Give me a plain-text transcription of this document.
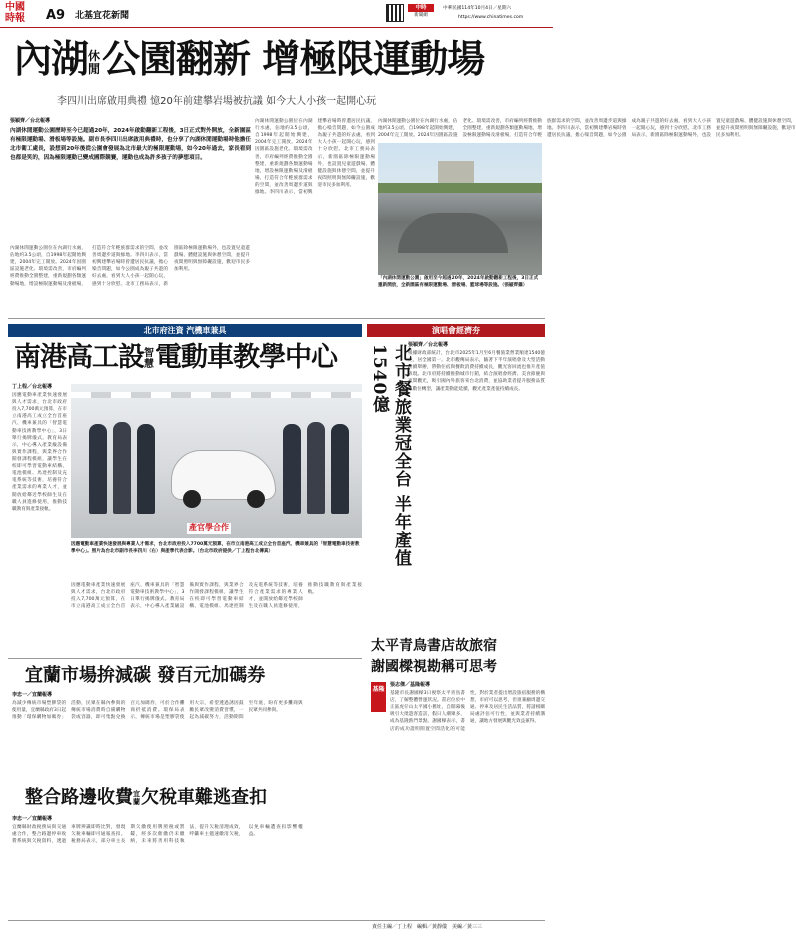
中國
時報	A9 北基宜花新聞
中時
新聞網
中華民國114年10月4日／星期六
https://www.chinatimes.com
內湖休閒公園翻新 增極限運動場
李四川出席啟用典禮 憶20年前建攀岩場被抗議 如今大人小孩一起開心玩
張穎齊／台北報導
內湖休閒運動公園歷時至今已超過20年，2024年啟動翻新工程後，3日正式對外開放，全新園區有極限運動場、滑板場等設施。副市長李四川出席啟用典禮時，也分享了內湖休閒運動場時他擔任北市衛工處長，設想到20年後從公園會發展為北市最大的極限運動場，如今20年過去，家長看到也都是笑的，因為極限運動已變成國際競賽，運動也成為許多孩子的夢想項目。
內湖休閒運動公園位在內湖行水處，佔地約3.5公頃，自1998年起開始興建，2004年完工開放。2024年因園區設施老化、環境需改善，市府編列經費推動全園整建，重新規劃各類運動場地，增設極限運動場及滑板場，打造符合年輕族群需求的空間，並改善周邊步道與綠地。李四川表示，當初興建攀岩場時曾遭居民抗議，擔心噪音問題，如今公園成為親子共遊的好去處，看到大人小孩一起開心玩，感到十分欣慰。北市工務局表示，新園區除極限運動場外，也設置兒童遊戲場、體健設施與休憩空間，並提升夜間照明與無障礙設施，歡迎市民多加利用。
內湖休閒運動公園位在內湖行水處，佔地約3.5公頃，自1998年起開始興建，2004年完工開放。2024年因園區設施老化、環境需改善，市府編列經費推動全園整建，重新規劃各類運動場地，增設極限運動場及滑板場，打造符合年輕族群需求的空間，並改善周邊步道與綠地。李四川表示，當初興建攀岩場時曾遭居民抗議，擔心噪音問題，如今公園成為親子共遊的好去處，看到大人小孩一起開心玩，感到十分欣慰。北市工務局表示，新園區除極限運動場外，也設置兒童遊戲場、體健設施與休憩空間，並提升夜間照明與無障礙設施，歡迎市民多加利用。
內湖休閒運動公園位在內湖行水處，佔地約3.5公頃，自1998年起開始興建，2004年完工開放。2024年因園區設施老化、環境需改善，市府編列經費推動全園整建，重新規劃各類運動場地，增設極限運動場及滑板場，打造符合年輕族群需求的空間，並改善周邊步道與綠地。李四川表示，當初興建攀岩場時曾遭居民抗議，擔心噪音問題，如今公園成為親子共遊的好去處，看到大人小孩一起開心玩，感到十分欣慰。北市工務局表示，新園區除極限運動場外，也設置兒童遊戲場、體健設施與休憩空間，並提升夜間照明與無障礙設施，歡迎市民多加利用。
「內湖休閒運動公園」啟用至今超過20年，2024年啟動翻新工程後，3日正式重新開放，全新園區有極限運動場、滑板場、籃球場等設施。（張穎齊攝）
北市府注資 汽機車兼具
南港高工設智慧電動車教學中心
丁上程／台北報導
因應電動車產業快速發展與人才需求，台北市政府投入7,700萬元預算，在市立南港高工成立全台首座汽、機車兼具的「智慧電動車技術教學中心」，3日舉行揭牌儀式。教育局表示，中心導入產業級設備與實作課程，與業界合作開發課程模組，讓學生在校即可學習電動車結構、電池模組、馬達控制及充電系統等技術，培養符合產業需求的專業人才，並開放給鄰近學校師生及在職人員進修使用，推動技職教育與產業接軌。
產官學合作
因應電動車產業快速發展與專業人才需求，台北市政府投入7700萬元預算，在市立南港高工成立全台首座汽、機車兼具的「智慧電動車技術教學中心」。照片為台北市副市長李四川（右）與產學代表合影。（台北市政府提供／丁上程台北傳真）
因應電動車產業快速發展與人才需求，台北市政府投入7,700萬元預算，在市立南港高工成立全台首座汽、機車兼具的「智慧電動車技術教學中心」，3日舉行揭牌儀式。教育局表示，中心導入產業級設備與實作課程，與業界合作開發課程模組，讓學生在校即可學習電動車結構、電池模組、馬達控制及充電系統等技術，培養符合產業需求的專業人才，並開放給鄰近學校師生及在職人員進修使用，推動技職教育與產業接軌。
演唱會經濟夯
北市餐旅業冠全台 半年產值1540億	張穎齊／台北報導
根據財政部統計，台北市2025年1月至6月餐旅業營業額達1540億元，居全國第一。北市觀傳局表示，隨著下半年演唱會及大型活動陸續舉辦，帶動住宿與餐飲消費持續成長，觀光客回流也推升產值表現。北市府將持續推動城市行銷，結合演唱會經濟、美食節慶與夜間觀光，吸引國內外旅客來台北消費，並協助業者提升服務品質與數位轉型，讓產業動能延續，觀光產業產值持續成長。
太平青鳥書店故旅宿
謝國樑視勘稱可思考
基隆
張志傑／基隆報導
基隆市長謝國樑3日視察太平青鳥書店，了解整體營運狀況。書店位於中正區虎仔山太平國小舊址，自開幕後吸引大批遊客造訪，假日人潮眾多，成為基隆熱門景點。謝國樑表示，書店的成功證明閒置空間活化的可能性，對於業者提出增設旅宿服務的構想，市府可以思考，但須兼顧周邊交通、停車及居民生活品質，將請相關局處評估可行性，並與業者持續溝通，讓地方發展與觀光效益兼得。
宜蘭市場拚減碳 發百元加碼券
李忠一／宜蘭報導
為減少傳統市場塑膠袋的使用量，宜蘭縣政府3日起推動「環保購物加碼券」活動，民眾在縣內參與的傳統市場消費時自備購物袋或容器，即可集點兌換百元加碼券，可於合作攤商折抵消費。環保局表示，傳統市場是塑膠袋使用大宗，希望透過誘因鼓勵民眾改變消費習慣，一起為減碳努力，活動期間至年底，盼有更多攤商與民眾共同參與。
整合路邊收費宜蘭欠稅車難逃查扣
李忠一／宜蘭報導
宜蘭縣財政稅務局與交通處合作，整合路邊停車收費系統與欠稅資料，透過車牌辨識即時比對，發現欠稅車輛即可通報查扣。稅務局表示，部分車主長期欠繳使用牌照稅或罰鍰，經多次催繳仍未繳納，未來將善用科技執法，提升欠稅清理成效，呼籲車主儘速繳清欠稅，以免車輛遭查扣影響權益。
責任主編／丁上程　編輯／黃靜儀　美編／黃三三
